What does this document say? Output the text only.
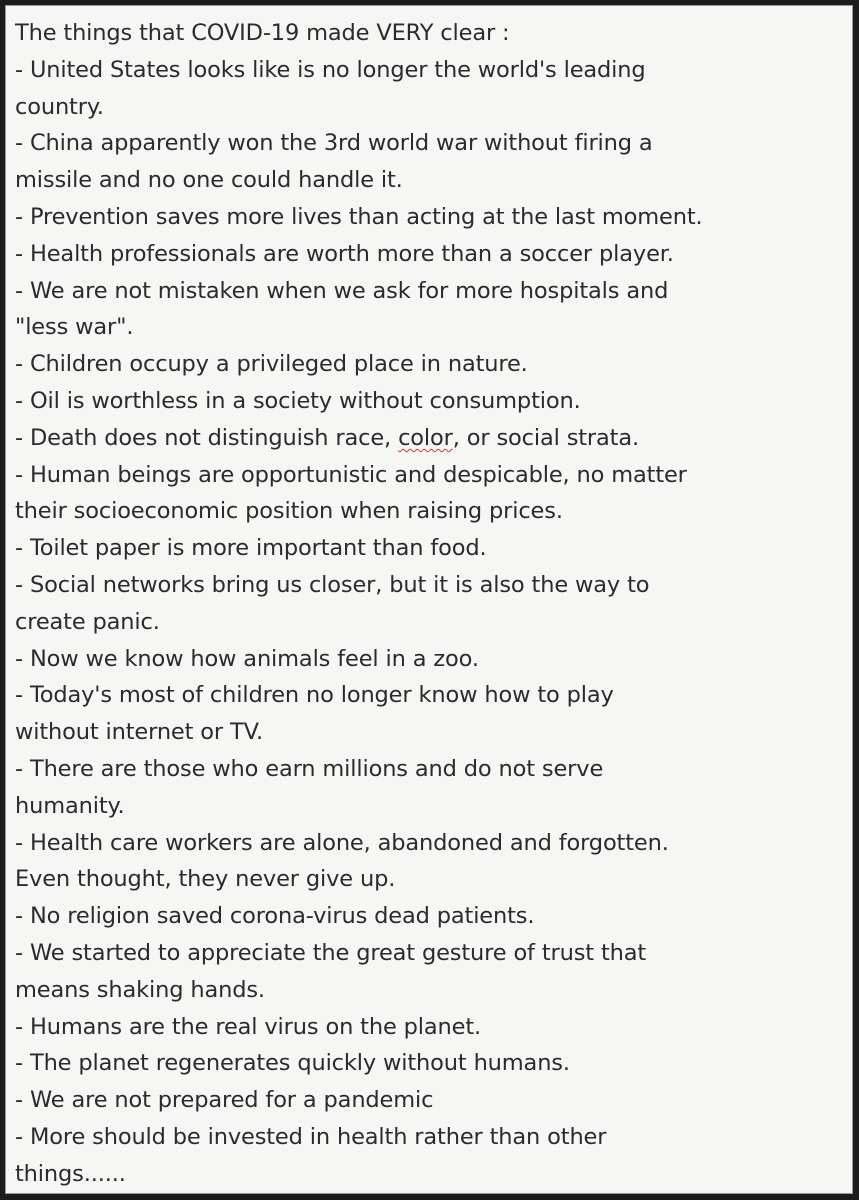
The things that COVID-19 made VERY clear :
- United States looks like is no longer the world's leading
country.
- China apparently won the 3rd world war without firing a
missile and no one could handle it.
- Prevention saves more lives than acting at the last moment.
- Health professionals are worth more than a soccer player.
- We are not mistaken when we ask for more hospitals and
"less war".
- Children occupy a privileged place in nature.
- Oil is worthless in a society without consumption.
- Death does not distinguish race, color, or social strata.
- Human beings are opportunistic and despicable, no matter
their socioeconomic position when raising prices.
- Toilet paper is more important than food.
- Social networks bring us closer, but it is also the way to
create panic.
- Now we know how animals feel in a zoo.
- Today's most of children no longer know how to play
without internet or TV.
- There are those who earn millions and do not serve
humanity.
- Health care workers are alone, abandoned and forgotten.
Even thought, they never give up.
- No religion saved corona-virus dead patients.
- We started to appreciate the great gesture of trust that
means shaking hands.
- Humans are the real virus on the planet.
- The planet regenerates quickly without humans.
- We are not prepared for a pandemic
- More should be invested in health rather than other
things......
